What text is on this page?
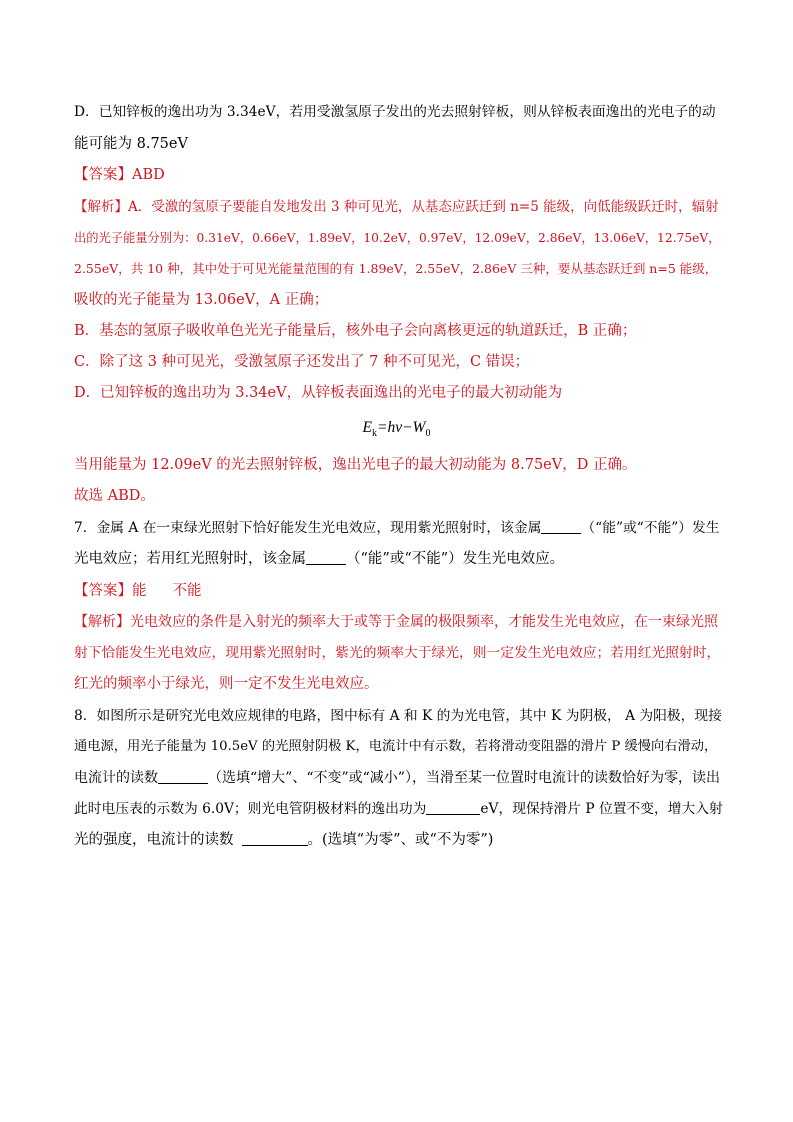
D．已知锌板的逸出功为 3.34eV，若用受激氢原子发出的光去照射锌板，则从锌板表面逸出的光电子的动
能可能为 8.75eV
【答案】ABD
【解析】A．受激的氢原子要能自发地发出 3 种可见光，从基态应跃迁到 n=5 能级，向低能级跃迁时，辐射
出的光子能量分别为：0.31eV，0.66eV，1.89eV，10.2eV，0.97eV，12.09eV，2.86eV，13.06eV，12.75eV，
2.55eV，共 10 种，其中处于可见光能量范围的有 1.89eV，2.55eV，2.86eV 三种，要从基态跃迁到 n=5 能级，
吸收的光子能量为 13.06eV，A 正确；
B．基态的氢原子吸收单色光光子能量后，核外电子会向离核更远的轨道跃迁，B 正确；
C．除了这 3 种可见光，受激氢原子还发出了 7 种不可见光，C 错误；
D．已知锌板的逸出功为 3.34eV，从锌板表面逸出的光电子的最大初动能为
$E_k=h\nu-W_0$
当用能量为 12.09eV 的光去照射锌板，逸出光电子的最大初动能为 8.75eV，D 正确。
故选 ABD。
7．金属 A 在一束绿光照射下恰好能发生光电效应，现用紫光照射时，该金属	（“能”或“不能”）发生
光电效应；若用红光照射时，该金属	（“能”或“不能”）发生光电效应。
【答案】能 不能
【解析】光电效应的条件是入射光的频率大于或等于金属的极限频率，才能发生光电效应，在一束绿光照
射下恰能发生光电效应，现用紫光照射时，紫光的频率大于绿光，则一定发生光电效应；若用红光照射时，
红光的频率小于绿光，则一定不发生光电效应。
8．如图所示是研究光电效应规律的电路，图中标有 A 和 K 的为光电管，其中 K 为阴极， A 为阳极，现接
通电源，用光子能量为 10.5eV 的光照射阴极 K，电流计中有示数，若将滑动变阻器的滑片 P 缓慢向右滑动，
电流计的读数	（选填“增大”、“不变”或“减小”），当滑至某一位置时电流计的读数恰好为零，读出
此时电压表的示数为 6.0V；则光电管阴极材料的逸出功为	eV，现保持滑片 P 位置不变，增大入射
光的强度，电流计的读数	。(选填“为零”、或“不为零”)
